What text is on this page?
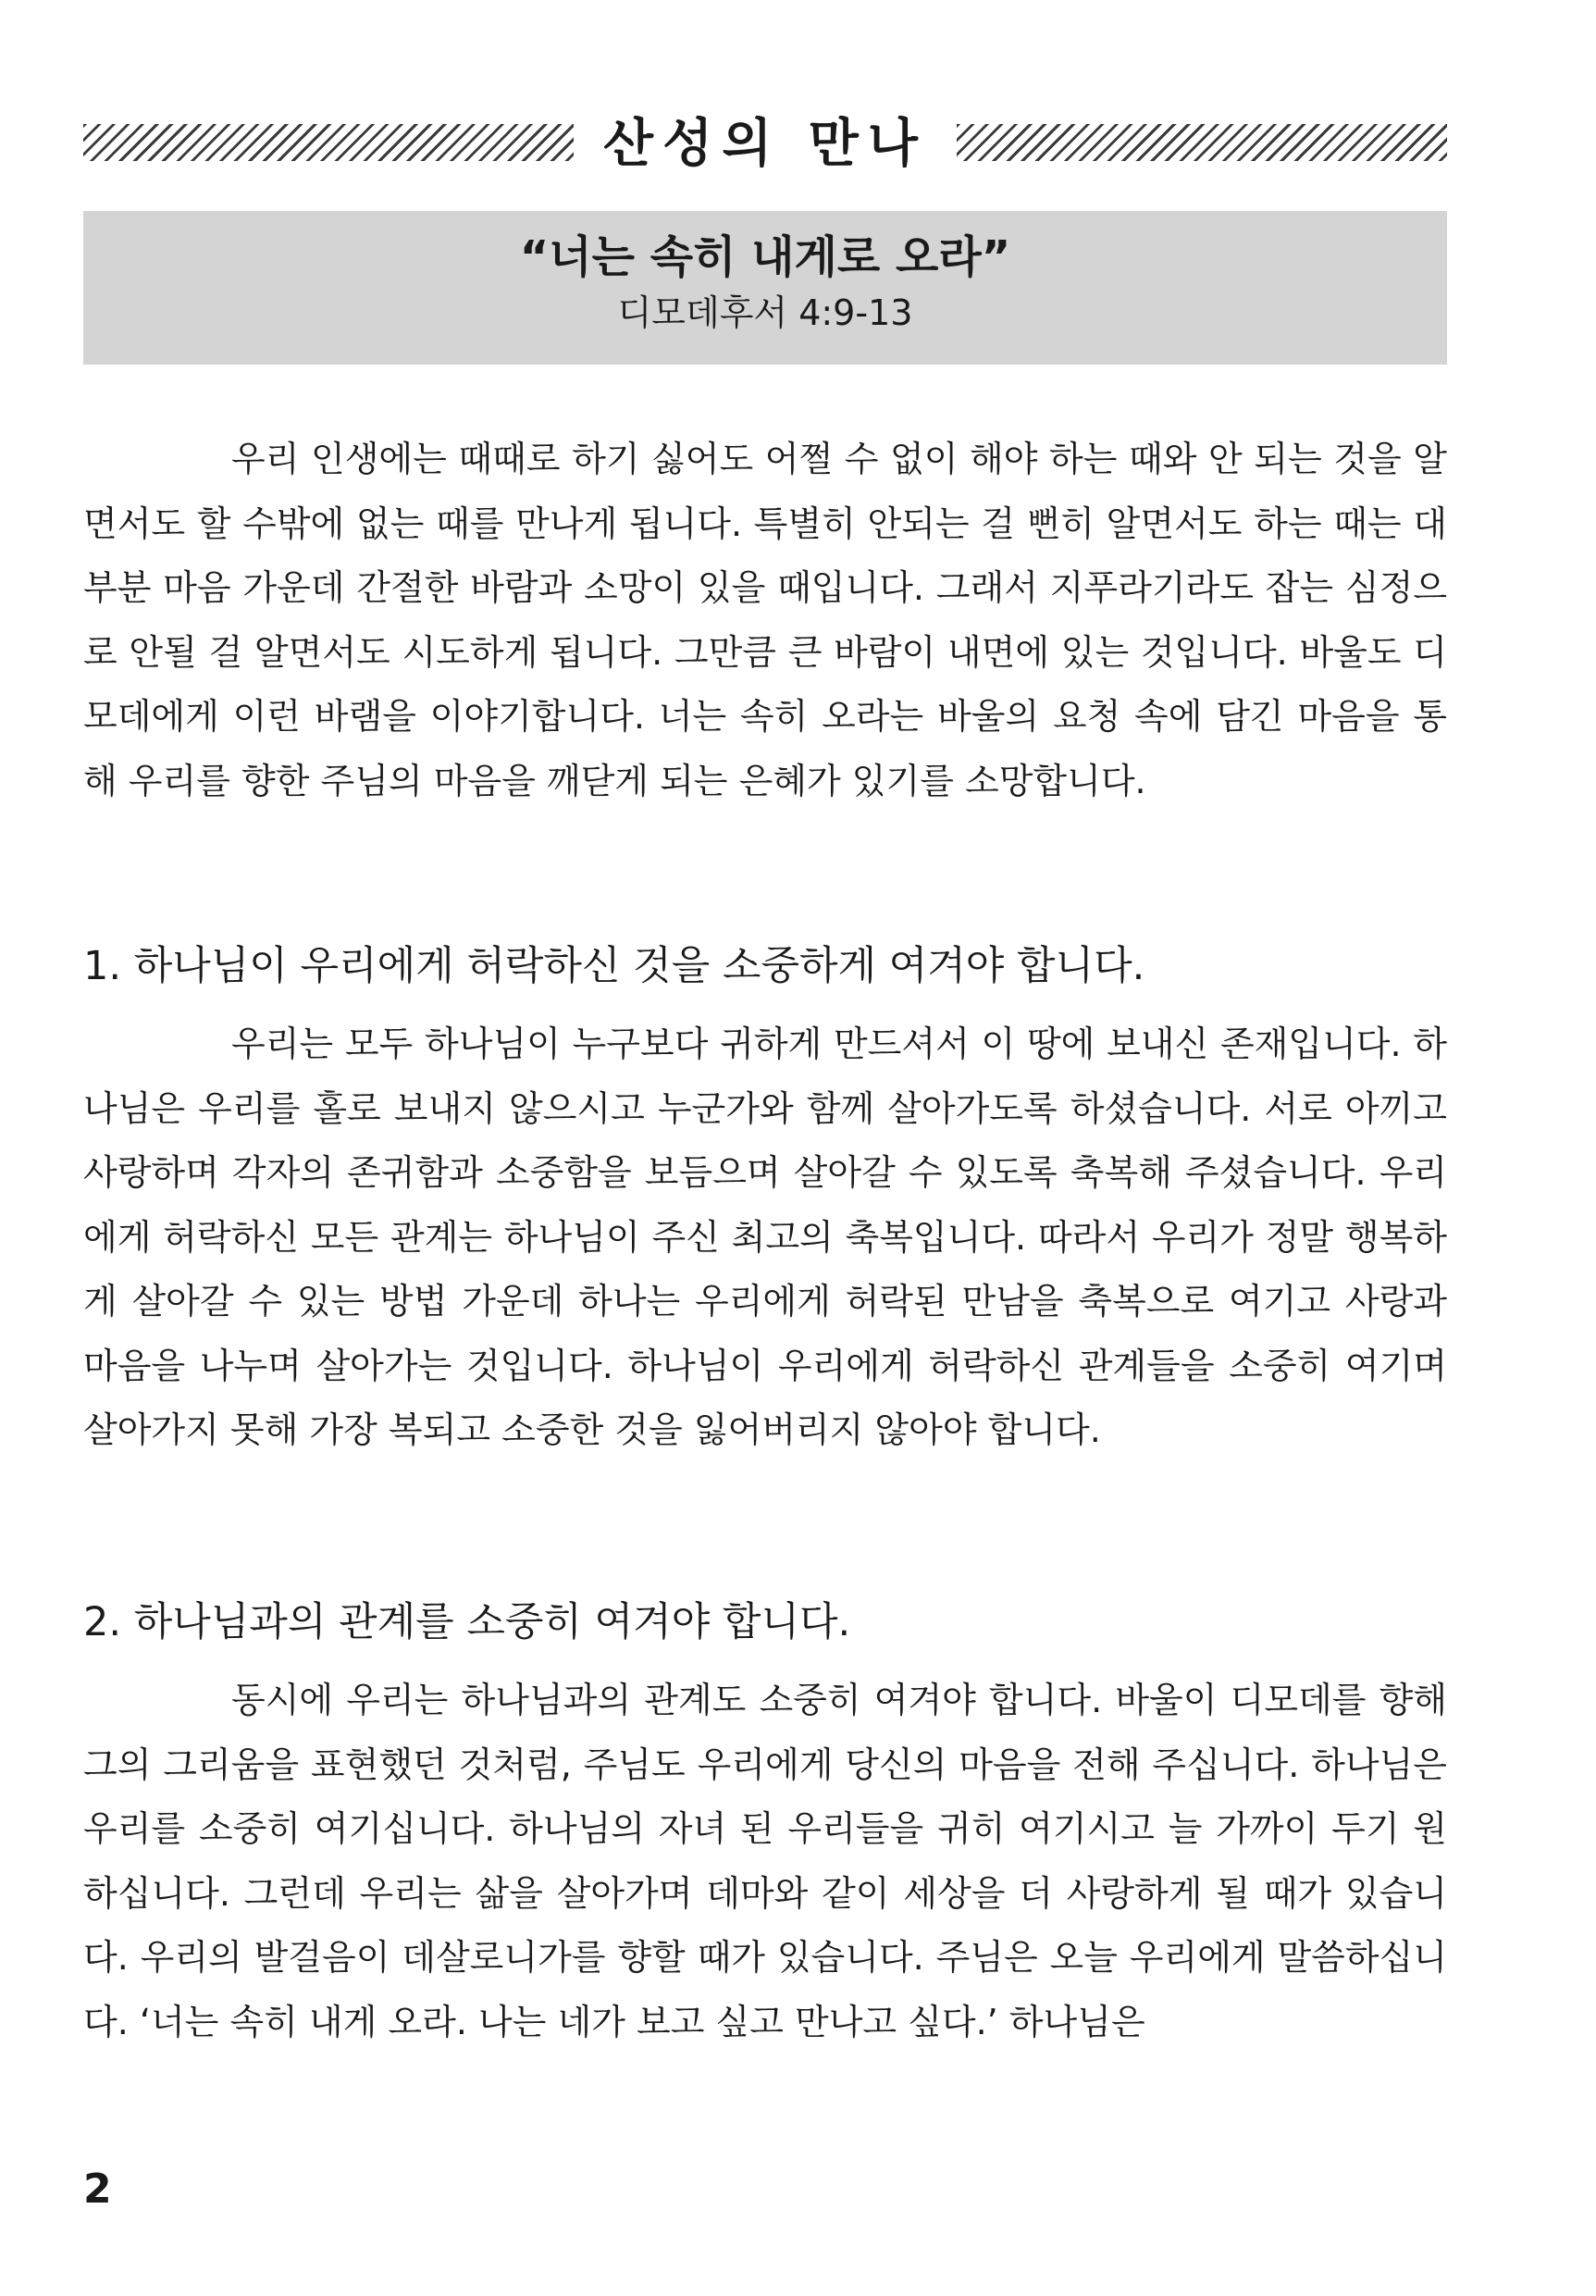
산성의 만나
“너는 속히 내게로 오라”
디모데후서 4:9-13

우리 인생에는 때때로 하기 싫어도 어쩔 수 없이 해야 하는 때와 안 되는 것을 알면서도 할 수밖에 없는 때를 만나게 됩니다. 특별히 안되는 걸 뻔히 알면서도 하는 때는 대부분 마음 가운데 간절한 바람과 소망이 있을 때입니다. 그래서 지푸라기라도 잡는 심정으로 안될 걸 알면서도 시도하게 됩니다. 그만큼 큰 바람이 내면에 있는 것입니다. 바울도 디모데에게 이런 바램을 이야기합니다. 너는 속히 오라는 바울의 요청 속에 담긴 마음을 통해 우리를 향한 주님의 마음을 깨닫게 되는 은혜가 있기를 소망합니다.

1. 하나님이 우리에게 허락하신 것을 소중하게 여겨야 합니다.

우리는 모두 하나님이 누구보다 귀하게 만드셔서 이 땅에 보내신 존재입니다. 하나님은 우리를 홀로 보내지 않으시고 누군가와 함께 살아가도록 하셨습니다. 서로 아끼고 사랑하며 각자의 존귀함과 소중함을 보듬으며 살아갈 수 있도록 축복해 주셨습니다. 우리에게 허락하신 모든 관계는 하나님이 주신 최고의 축복입니다. 따라서 우리가 정말 행복하게 살아갈 수 있는 방법 가운데 하나는 우리에게 허락된 만남을 축복으로 여기고 사랑과 마음을 나누며 살아가는 것입니다. 하나님이 우리에게 허락하신 관계들을 소중히 여기며 살아가지 못해 가장 복되고 소중한 것을 잃어버리지 않아야 합니다.

2. 하나님과의 관계를 소중히 여겨야 합니다.

동시에 우리는 하나님과의 관계도 소중히 여겨야 합니다. 바울이 디모데를 향해 그의 그리움을 표현했던 것처럼, 주님도 우리에게 당신의 마음을 전해 주십니다. 하나님은 우리를 소중히 여기십니다. 하나님의 자녀 된 우리들을 귀히 여기시고 늘 가까이 두기 원하십니다. 그런데 우리는 삶을 살아가며 데마와 같이 세상을 더 사랑하게 될 때가 있습니다. 우리의 발걸음이 데살로니가를 향할 때가 있습니다. 주님은 오늘 우리에게 말씀하십니다. ‘너는 속히 내게 오라. 나는 네가 보고 싶고 만나고 싶다.’ 하나님은

2
